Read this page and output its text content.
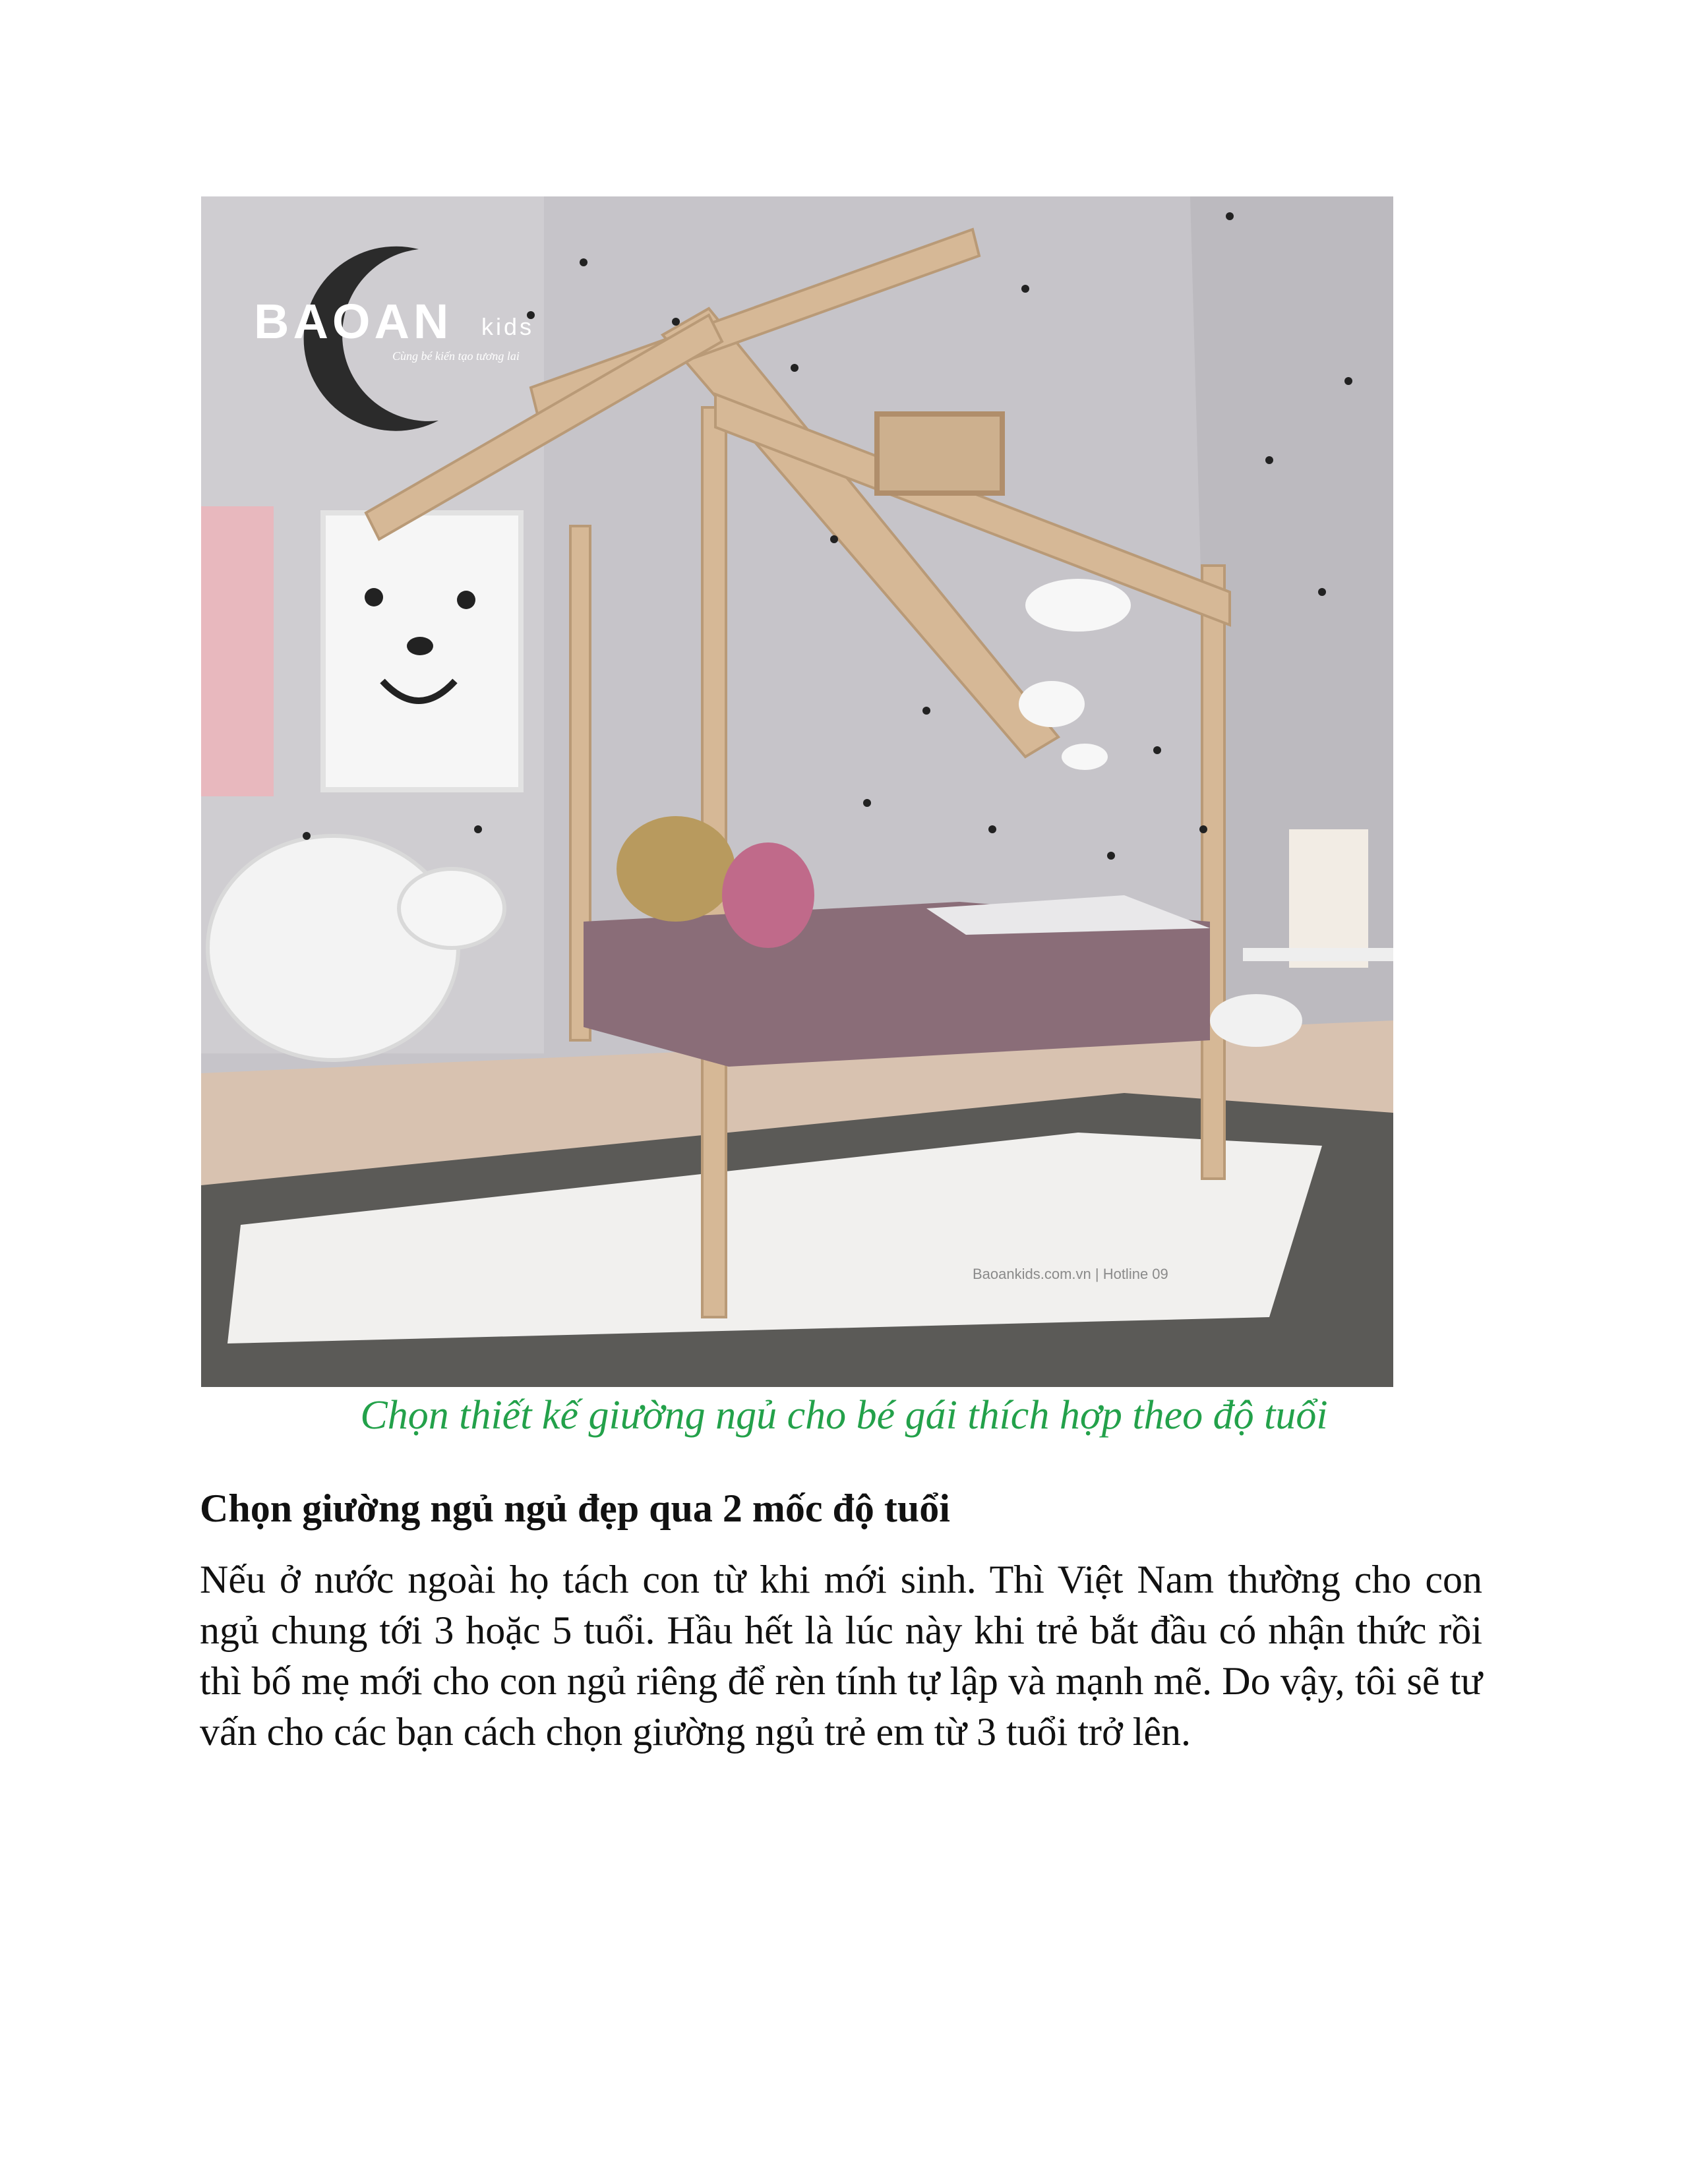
BAOAN kids
Cùng bé kiến tạo tương lai
Baoankids.com.vn | Hotline 09
Chọn thiết kế giường ngủ cho bé gái thích hợp theo độ tuổi
Chọn giường ngủ ngủ đẹp qua 2 mốc độ tuổi
Nếu ở nước ngoài họ tách con từ khi mới sinh. Thì Việt Nam thường cho con ngủ chung tới 3 hoặc 5 tuổi. Hầu hết là lúc này khi trẻ bắt đầu có nhận thức rồi thì bố mẹ mới cho con ngủ riêng để rèn tính tự lập và mạnh mẽ. Do vậy, tôi sẽ tư vấn cho các bạn cách chọn giường ngủ trẻ em từ 3 tuổi trở lên.
